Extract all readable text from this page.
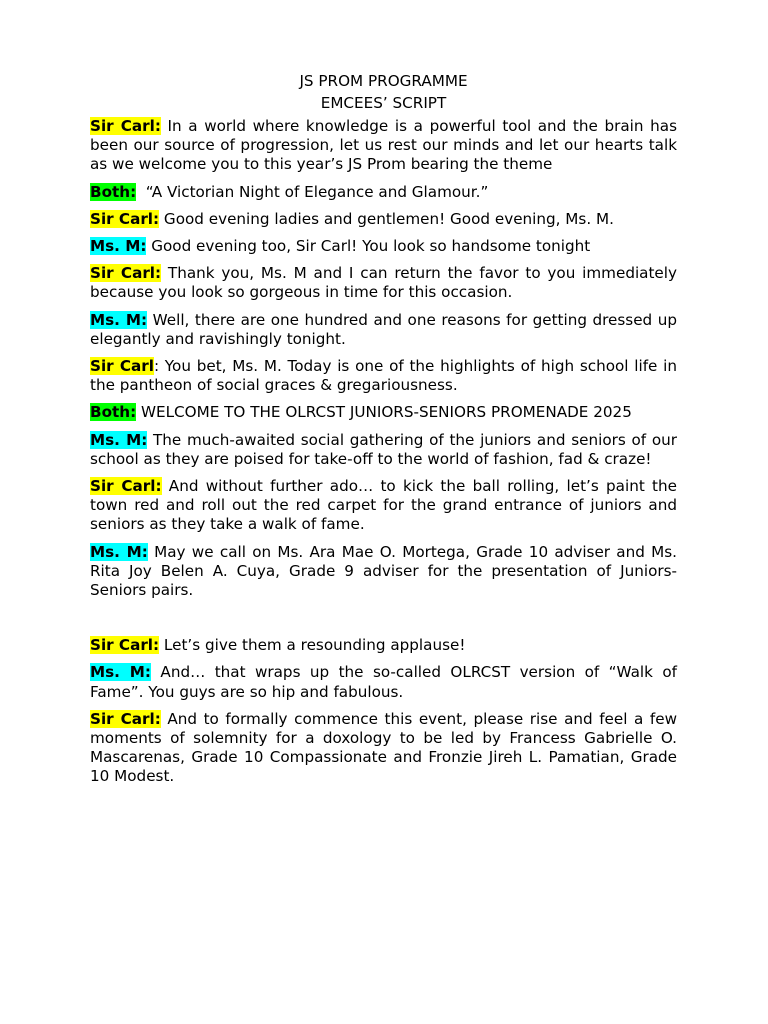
JS PROM PROGRAMME

EMCEES’ SCRIPT

Sir Carl: In a world where knowledge is a powerful tool and the brain has been our source of progression, let us rest our minds and let our hearts talk as we welcome you to this year’s JS Prom bearing the theme

Both:  “A Victorian Night of Elegance and Glamour.”

Sir Carl: Good evening ladies and gentlemen! Good evening, Ms. M.

Ms. M: Good evening too, Sir Carl! You look so handsome tonight

Sir Carl: Thank you, Ms. M and I can return the favor to you immediately because you look so gorgeous in time for this occasion.

Ms. M: Well, there are one hundred and one reasons for getting dressed up elegantly and ravishingly tonight.

Sir Carl: You bet, Ms. M. Today is one of the highlights of high school life in the pantheon of social graces & gregariousness.

Both: WELCOME TO THE OLRCST JUNIORS-SENIORS PROMENADE 2025

Ms. M: The much-awaited social gathering of the juniors and seniors of our school as they are poised for take-off to the world of fashion, fad & craze!

Sir Carl: And without further ado… to kick the ball rolling, let’s paint the town red and roll out the red carpet for the grand entrance of juniors and seniors as they take a walk of fame.

Ms. M: May we call on Ms. Ara Mae O. Mortega, Grade 10 adviser and Ms. Rita Joy Belen A. Cuya, Grade 9 adviser for the presentation of Juniors-Seniors pairs.

Sir Carl: Let’s give them a resounding applause!

Ms. M: And… that wraps up the so-called OLRCST version of “Walk of Fame”. You guys are so hip and fabulous.

Sir Carl: And to formally commence this event, please rise and feel a few moments of solemnity for a doxology to be led by Francess Gabrielle O. Mascarenas, Grade 10 Compassionate and Fronzie Jireh L. Pamatian, Grade 10 Modest.
